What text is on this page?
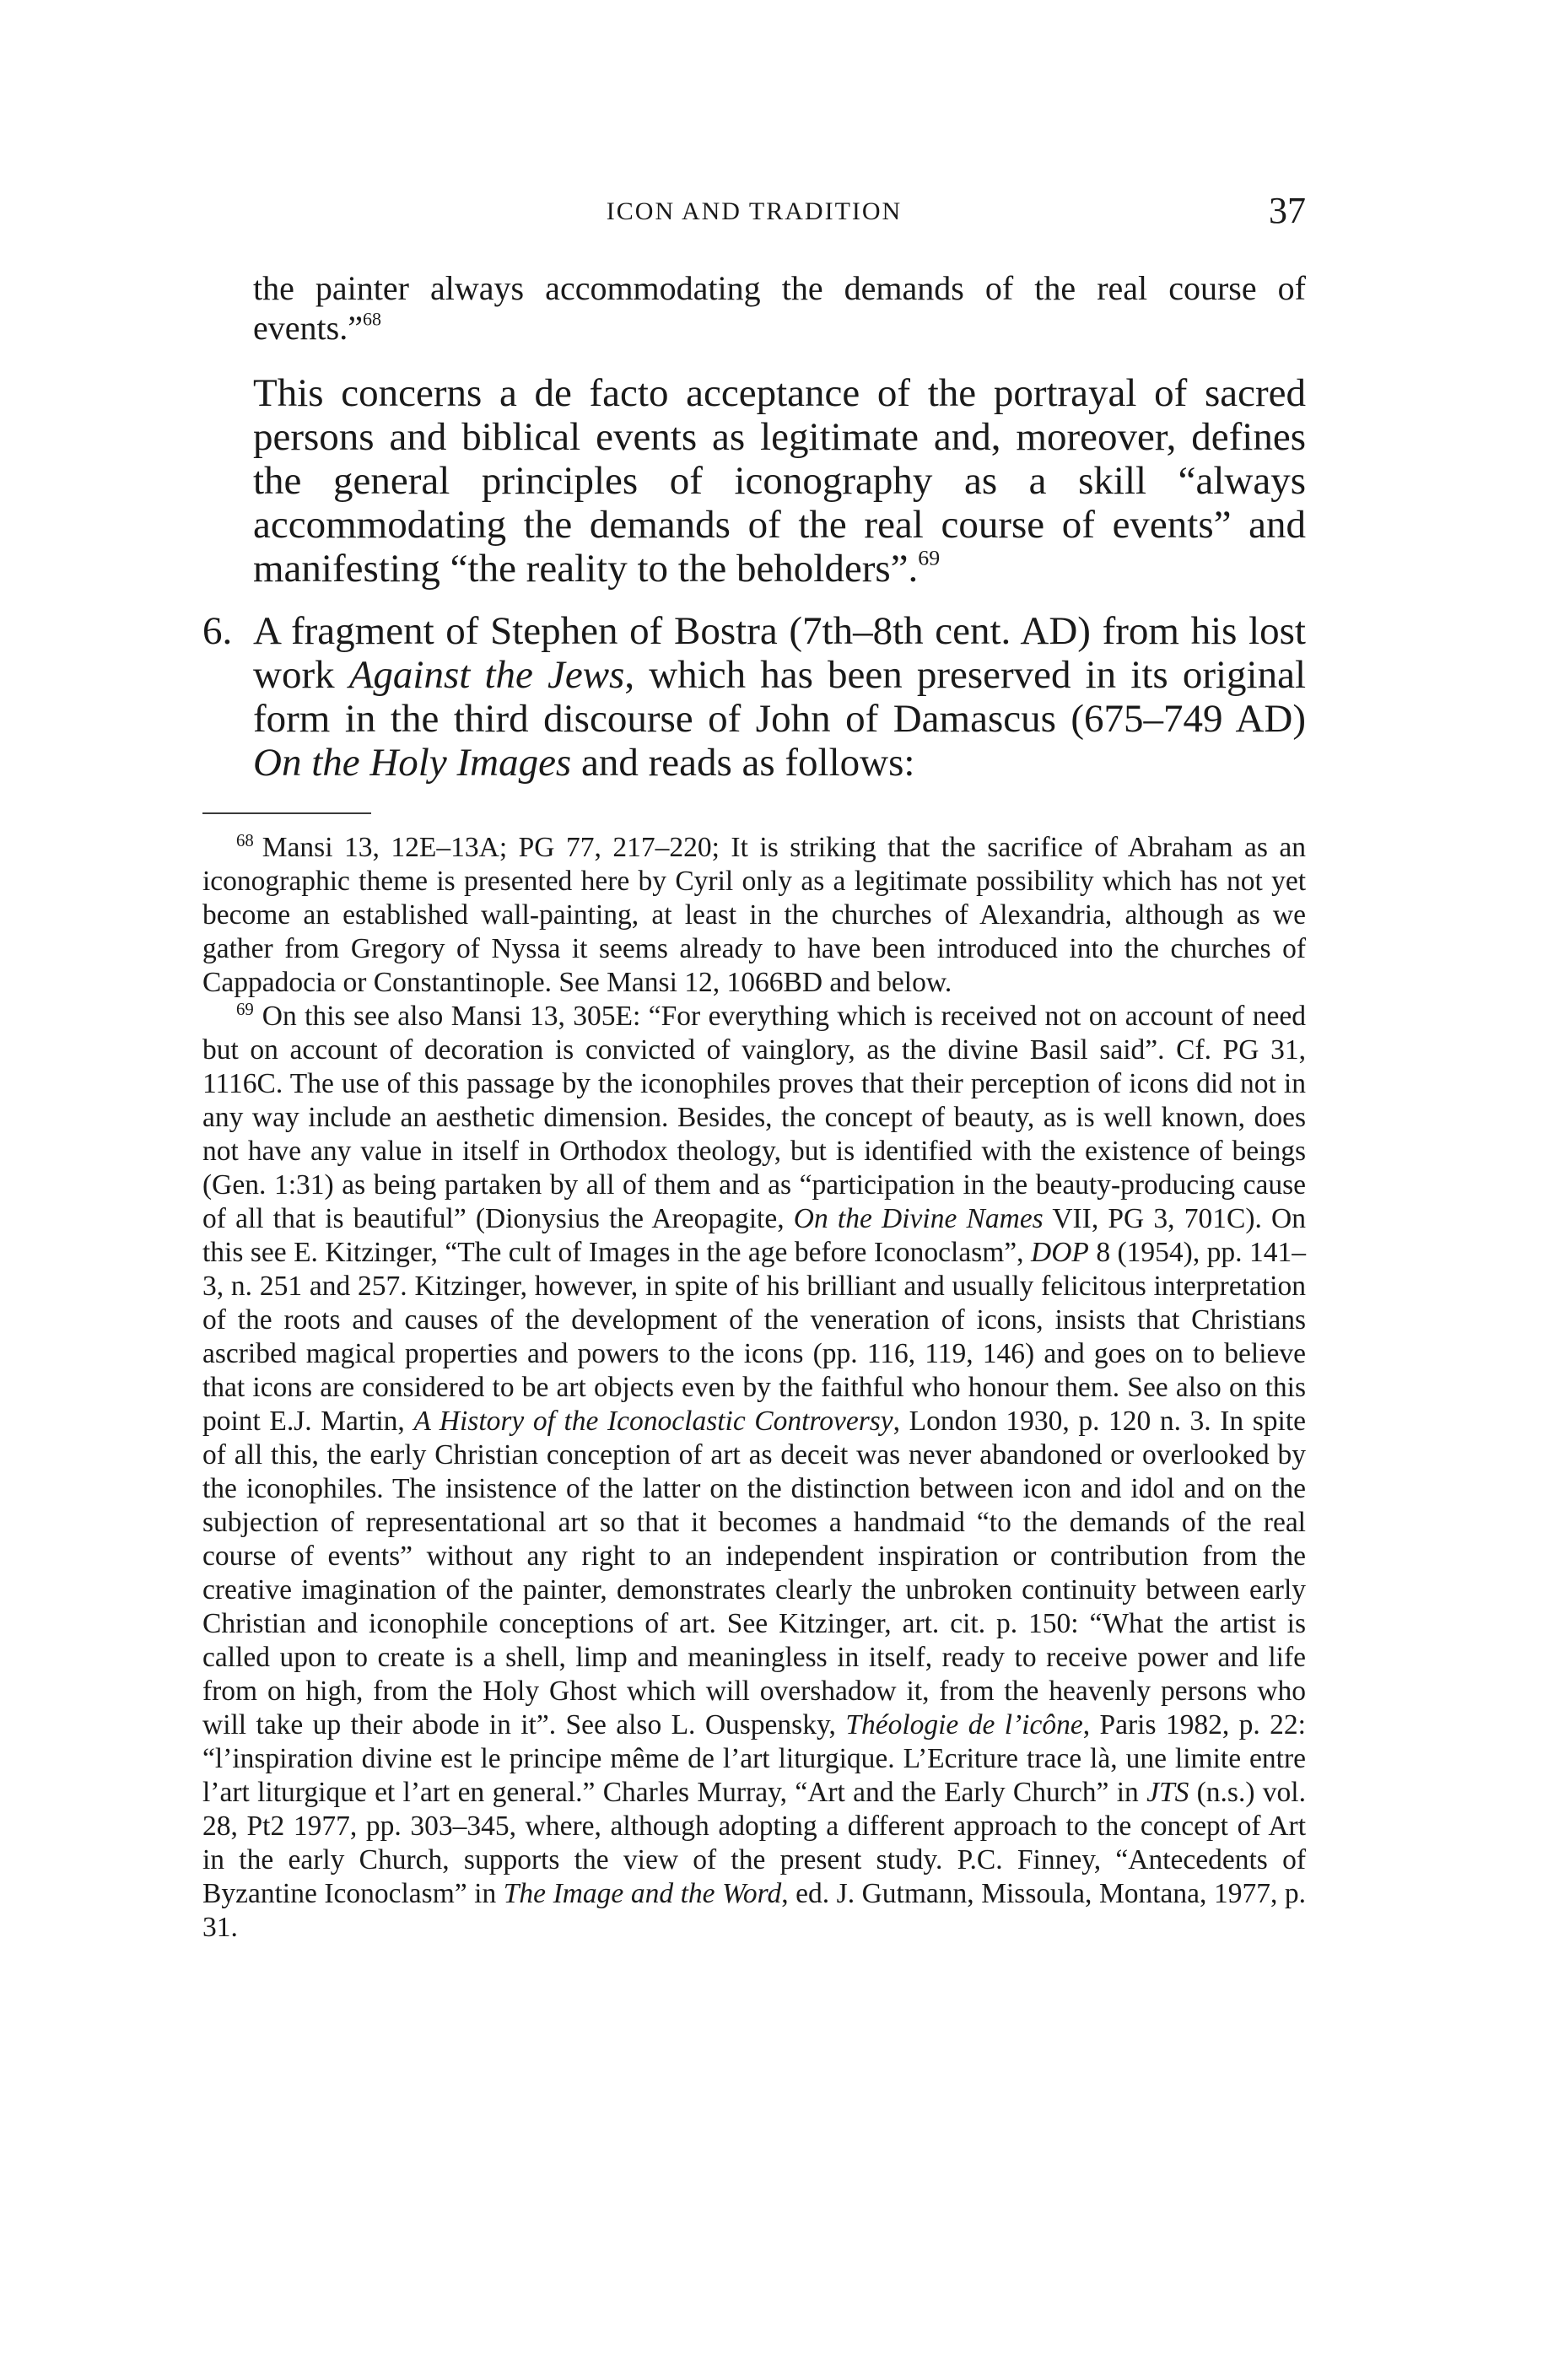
ICON AND TRADITION	37

the painter always accommodating the demands of the real course of events.”$^{68}$

This concerns a de facto acceptance of the portrayal of sacred persons and biblical events as legitimate and, moreover, defines the general principles of iconography as a skill “always accommodating the demands of the real course of events” and manifesting “the reality to the beholders”.$^{69}$

6. A fragment of Stephen of Bostra (7th–8th cent. AD) from his lost work Against the Jews, which has been preserved in its original form in the third discourse of John of Damascus (675–749 AD) On the Holy Images and reads as follows:

$^{68}$ Mansi 13, 12E–13A; PG 77, 217–220; It is striking that the sacrifice of Abraham as an iconographic theme is presented here by Cyril only as a legitimate possibility which has not yet become an established wall-painting, at least in the churches of Alexandria, although as we gather from Gregory of Nyssa it seems already to have been introduced into the churches of Cappadocia or Constantinople. See Mansi 12, 1066BD and below.

$^{69}$ On this see also Mansi 13, 305E: “For everything which is received not on account of need but on account of decoration is convicted of vainglory, as the divine Basil said”. Cf. PG 31, 1116C. The use of this passage by the iconophiles proves that their perception of icons did not in any way include an aesthetic dimension. Besides, the concept of beauty, as is well known, does not have any value in itself in Orthodox theology, but is identified with the existence of beings (Gen. 1:31) as being partaken by all of them and as “participation in the beauty-producing cause of all that is beautiful” (Dionysius the Areopagite, On the Divine Names VII, PG 3, 701C). On this see E. Kitzinger, “The cult of Images in the age before Iconoclasm”, DOP 8 (1954), pp. 141–3, n. 251 and 257. Kitzinger, however, in spite of his brilliant and usually felicitous interpretation of the roots and causes of the development of the veneration of icons, insists that Christians ascribed magical properties and powers to the icons (pp. 116, 119, 146) and goes on to believe that icons are considered to be art objects even by the faithful who honour them. See also on this point E.J. Martin, A History of the Iconoclastic Controversy, London 1930, p. 120 n. 3. In spite of all this, the early Christian conception of art as deceit was never abandoned or overlooked by the iconophiles. The insistence of the latter on the distinction between icon and idol and on the subjection of representational art so that it becomes a handmaid “to the demands of the real course of events” without any right to an independent inspiration or contribution from the creative imagination of the painter, demonstrates clearly the unbroken continuity between early Christian and iconophile conceptions of art. See Kitzinger, art. cit. p. 150: “What the artist is called upon to create is a shell, limp and meaningless in itself, ready to receive power and life from on high, from the Holy Ghost which will overshadow it, from the heavenly persons who will take up their abode in it”. See also L. Ouspensky, Théologie de l’icône, Paris 1982, p. 22: “l’inspiration divine est le principe même de l’art liturgique. L’Ecriture trace là, une limite entre l’art liturgique et l’art en general.” Charles Murray, “Art and the Early Church” in JTS (n.s.) vol. 28, Pt2 1977, pp. 303–345, where, although adopting a different approach to the concept of Art in the early Church, supports the view of the present study. P.C. Finney, “Antecedents of Byzantine Iconoclasm” in The Image and the Word, ed. J. Gutmann, Missoula, Montana, 1977, p. 31.
